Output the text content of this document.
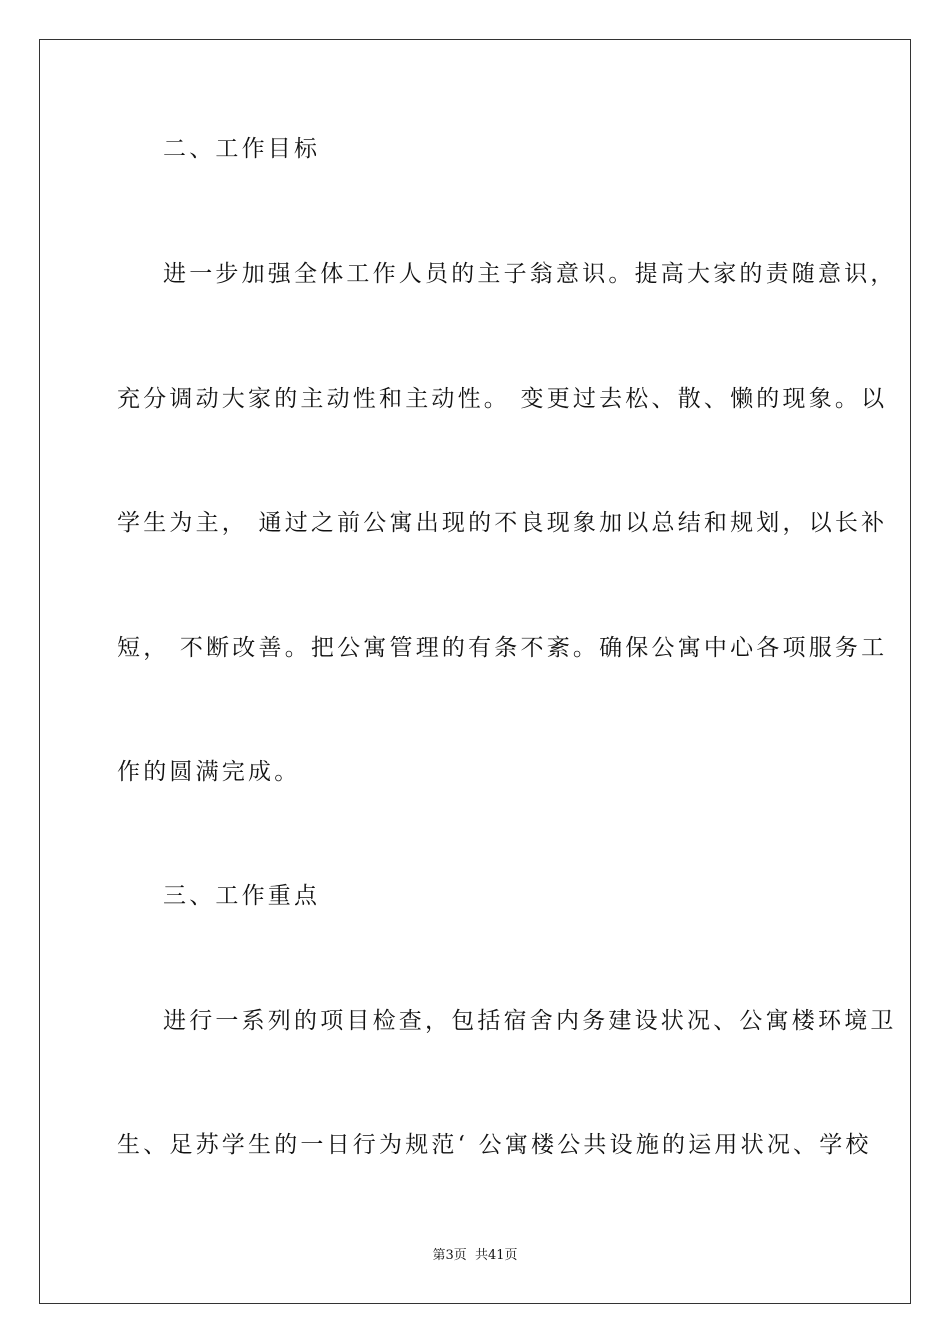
二、工作目标

进一步加强全体工作人员的主子翁意识。提高大家的责随意识，

充分调动大家的主动性和主动性。 变更过去松、散、懒的现象。以

学生为主， 通过之前公寓出现的不良现象加以总结和规划，以长补

短， 不断改善。把公寓管理的有条不紊。确保公寓中心各项服务工

作的圆满完成。

三、工作重点

进行一系列的项目检查，包括宿舍内务建设状况、公寓楼环境卫

生、足苏学生的一日行为规范‘ 公寓楼公共设施的运用状况、学校

第3页 共41页
